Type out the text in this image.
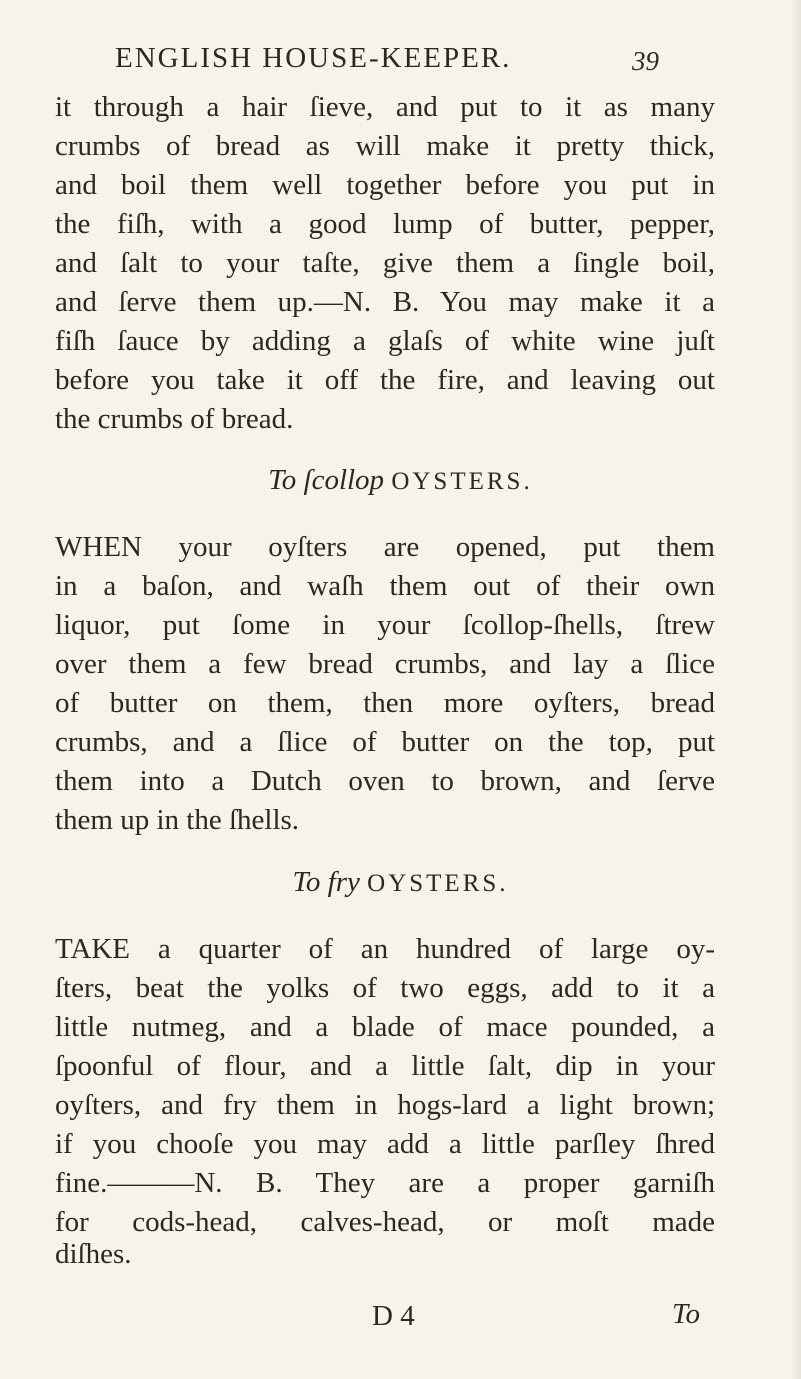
ENGLISH HOUSE-KEEPER.	39
it through a hair ſieve, and put to it as many
crumbs of bread as will make it pretty thick,
and boil them well together before you put in
the fiſh, with a good lump of butter, pepper,
and ſalt to your taſte, give them a ſingle boil,
and ſerve them up.—N. B. You may make it a
fiſh ſauce by adding a glaſs of white wine juſt
before you take it off the fire, and leaving out
the crumbs of bread.
To ſcollop OYSTERS.
WHEN your oyſters are opened, put them
in a baſon, and waſh them out of their own
liquor, put ſome in your ſcollop-ſhells, ſtrew
over them a few bread crumbs, and lay a ſlice
of butter on them, then more oyſters, bread
crumbs, and a ſlice of butter on the top, put
them into a Dutch oven to brown, and ſerve
them up in the ſhells.
To fry OYSTERS.
TAKE a quarter of an hundred of large oy-
ſters, beat the yolks of two eggs, add to it a
little nutmeg, and a blade of mace pounded, a
ſpoonful of flour, and a little ſalt, dip in your
oyſters, and fry them in hogs-lard a light brown;
if you chooſe you may add a little parſley ſhred
fine.———N. B. They are a proper garniſh
for cods-head, calves-head, or moſt made
diſhes.
D 4	To
